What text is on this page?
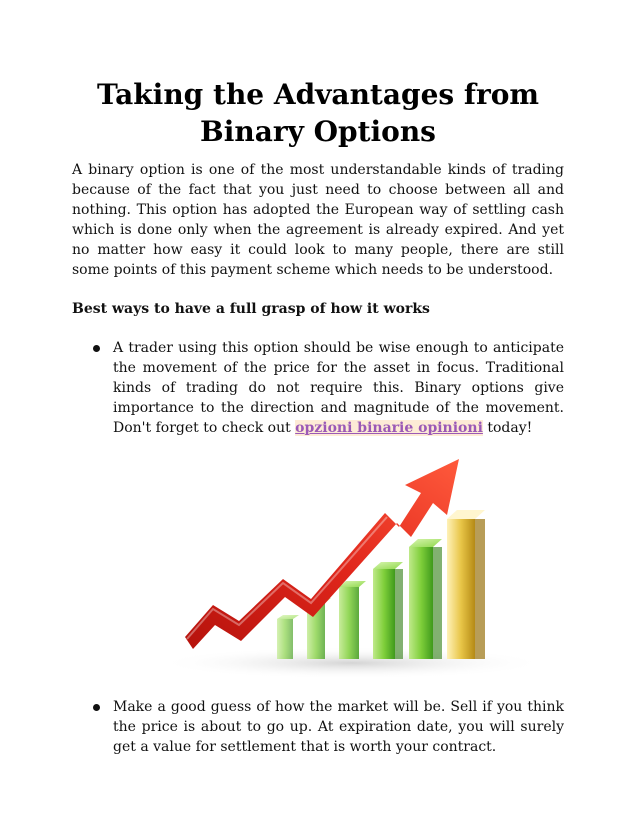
Taking the Advantages from
Binary Options

A binary option is one of the most understandable kinds of trading because of the fact that you just need to choose between all and nothing. This option has adopted the European way of settling cash which is done only when the agreement is already expired. And yet no matter how easy it could look to many people, there are still some points of this payment scheme which needs to be understood.

Best ways to have a full grasp of how it works

A trader using this option should be wise enough to anticipate the movement of the price for the asset in focus. Traditional kinds of trading do not require this. Binary options give importance to the direction and magnitude of the movement. Don't forget to check out opzioni binarie opinioni today!
Make a good guess of how the market will be. Sell if you think the price is about to go up. At expiration date, you will surely get a value for settlement that is worth your contract.
